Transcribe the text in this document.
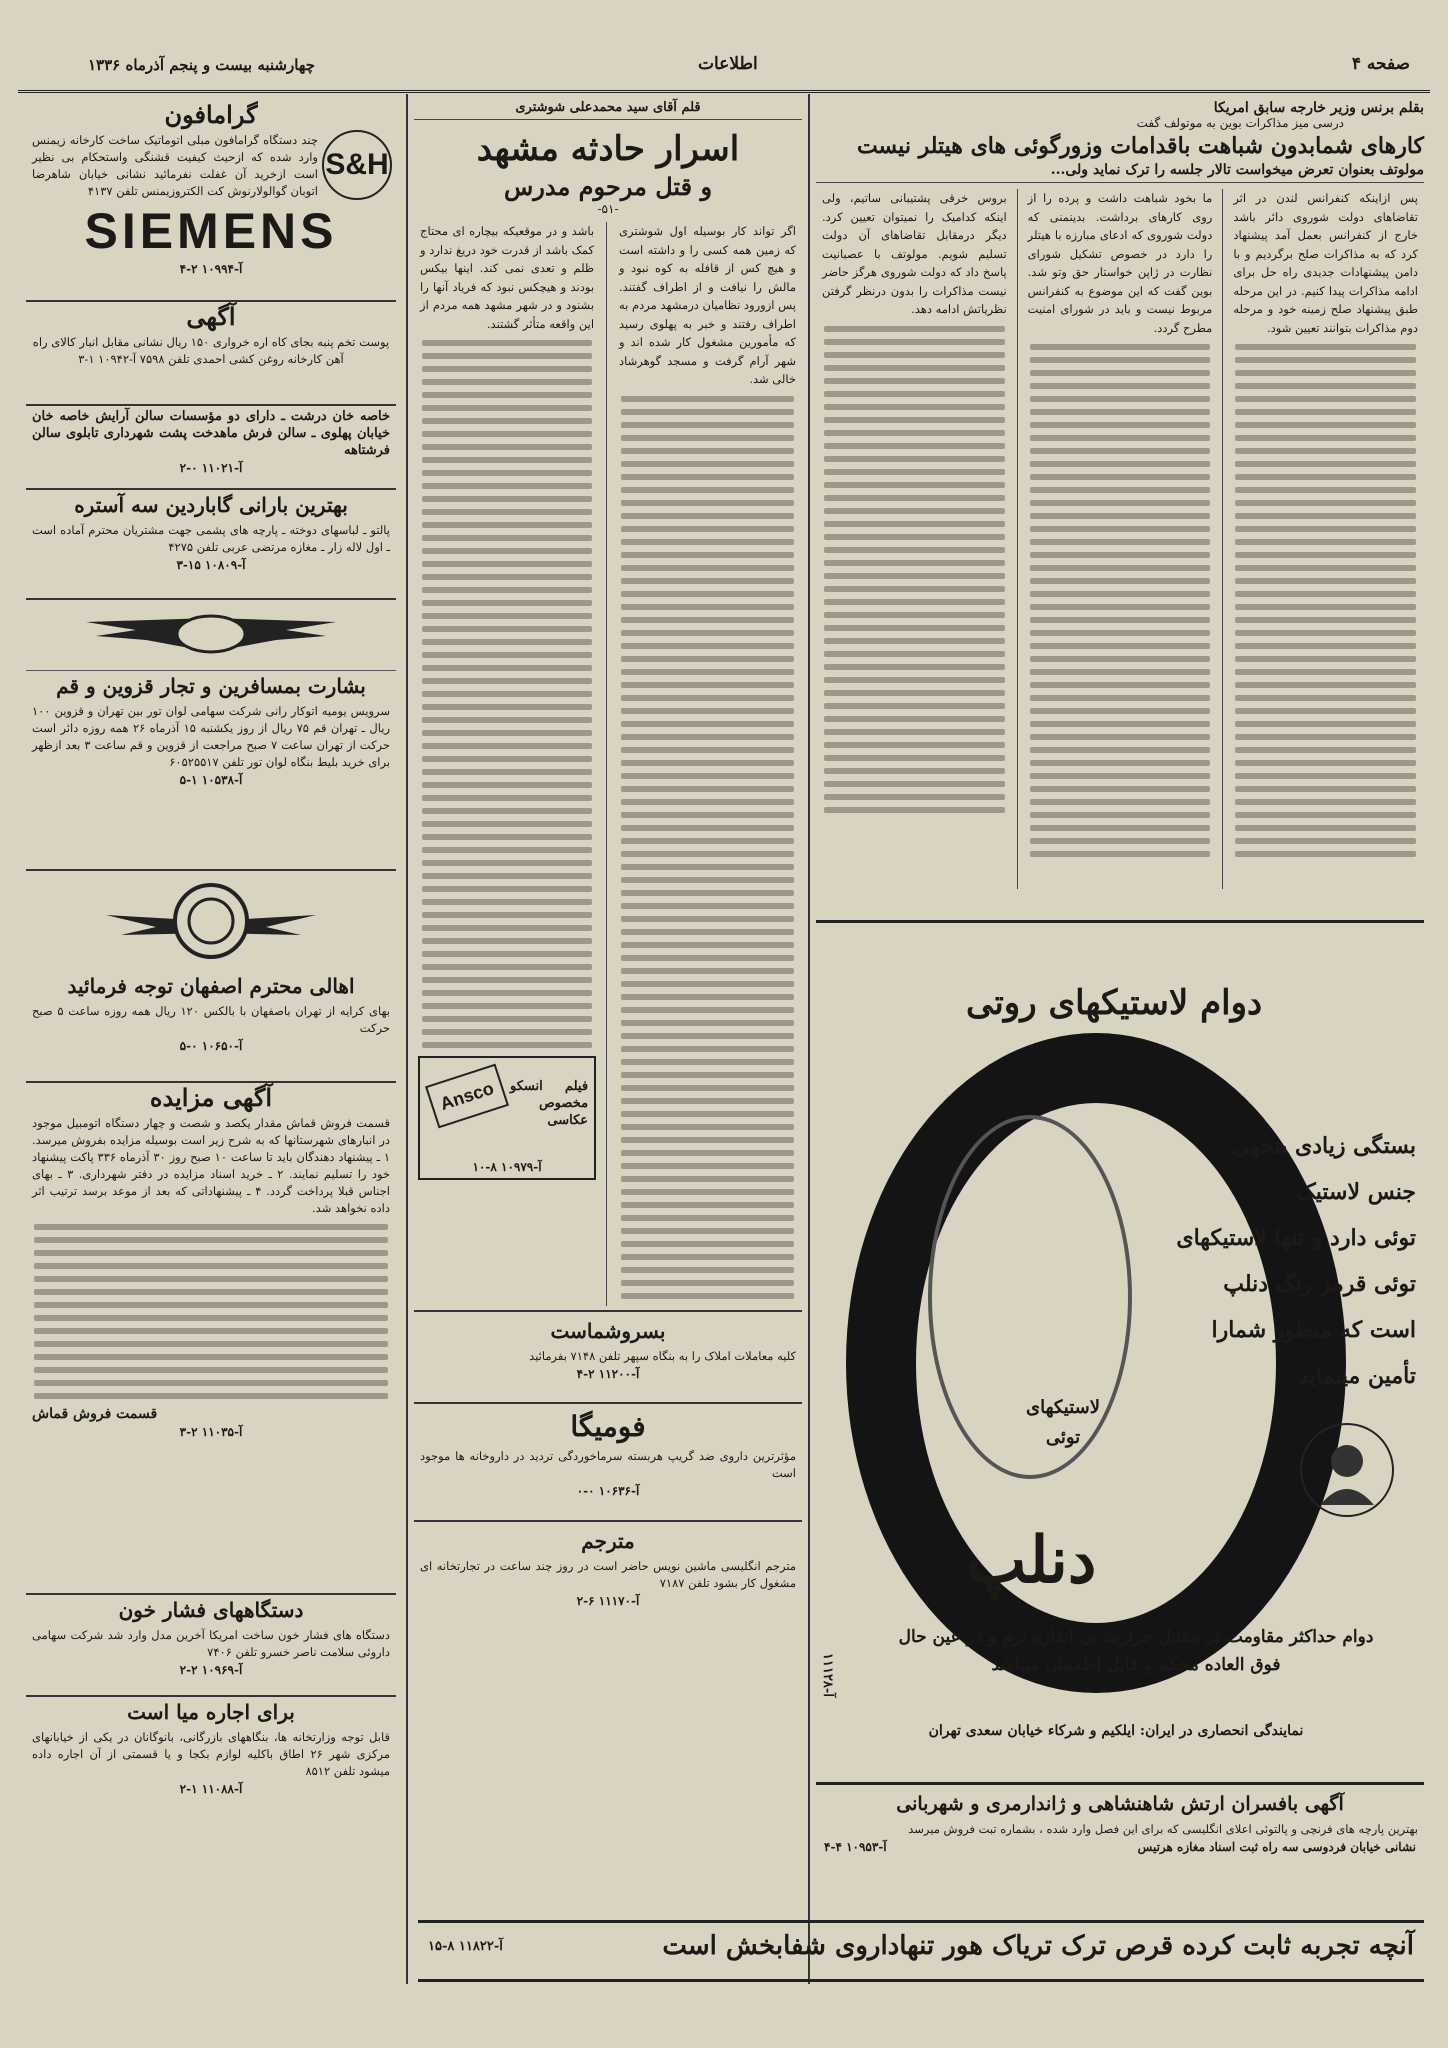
صفحه ۴
اطلاعات
چهارشنبه بیست و پنجم آذرماه ۱۳۳۶

گرامافون

S&H

چند دستگاه گرامافون مبلی اتوماتیک ساخت کارخانه زیمنس وارد شده که ازحیث کیفیت قشنگی واستحکام بی نظیر است ازخرید آن غفلت نفرمائید نشانی خیابان شاهرضا اتوبان گوالولارنوش کت الکتروزیمنس تلفن ۴۱۳۷

SIEMENS
آ-۱۰۹۹۴ ۲-۴

آگهی

پوست تخم پنبه بجای کاه اره خروارى ۱۵۰ ریال نشانی مقابل انبار کالای راه آهن کارخانه روغن کشی احمدی تلفن ۷۵۹۸ آ-۱۰۹۴۲ ۱-۳

خاصه خان درشت ـ دارای دو مؤسسات سالن آرایش خاصه خان خیابان پهلوی ـ سالن فرش ماهدخت پشت شهرداری تابلوی سالن فرشتاهه

آ-۱۱۰۲۱ ۰-۲

بهترین بارانی گاباردین سه آستره

پالتو ـ لباسهای دوخته ـ پارچه های پشمی جهت مشتریان محترم آماده است ـ اول لاله زار ـ مغازه مرتضی عربی تلفن ۴۲۷۵

آ-۱۰۸۰۹ ۱۵-۳

بشارت بمسافرین و تجار قزوین و قم

سرویس یومیه اتوکار رانی شرکت سهامی لوان تور بین تهران و قزوین ۱۰۰ ریال ـ تهران قم ۷۵ ریال از روز یکشنبه ۱۵ آذرماه ۲۶ همه روزه دائر است حرکت از تهران ساعت ۷ صبح مراجعت از قزوین و قم ساعت ۳ بعد ازظهر برای خرید بلیط بنگاه لوان تور تلفن ۶۰۵۲۵۵۱۷

آ-۱۰۵۳۸ ۱-۵

اهالی محترم اصفهان توجه فرمائید

بهای کرایه از تهران باصفهان با بالکس ۱۲۰ ریال همه روزه ساعت ۵ صبح حرکت

آ-۱۰۶۵۰ ۰-۵

آگهی مزایده

قسمت فروش قماش مقدار یکصد و شصت و چهار دستگاه اتومبیل موجود در انبارهای شهرستانها که به شرح زیر است بوسیله مزایده بفروش میرسد. ۱ ـ پیشنهاد دهندگان باید تا ساعت ۱۰ صبح روز ۳۰ آذرماه ۳۳۶ پاکت پیشنهاد خود را تسلیم نمایند. ۲ ـ خرید اسناد مزایده در دفتر شهرداری. ۳ ـ بهای اجناس قبلا پرداخت گردد. ۴ ـ پیشنهاداتی که بعد از موعد برسد ترتیب اثر داده نخواهد شد.

قسمت فروش قماش

آ-۱۱۰۳۵ ۲-۳

دستگاههای فشار خون

دستگاه های فشار خون ساخت امریکا آخرین مدل وارد شد شرکت سهامی داروئی سلامت ناصر خسرو تلفن ۷۴۰۶

آ-۱۰۹۶۹ ۲-۲

برای اجاره میا است

قابل توجه وزارتخانه ها، بنگاههای بازرگانی، بانوگانان در یکی از خیابانهای مرکزی شهر ۲۶ اطاق باکلیه لوازم بکجا و یا قسمتی از آن اجاره داده میشود تلفن ۸۵۱۲

آ-۱۱۰۸۸ ۱-۲
قلم آقای سید محمدعلی شوشتری

اسرار حادثه مشهد

و قتل مرحوم مدرس

-۵۱-

اگر تواند کار بوسیله اول شوشتری که زمین همه کسی را و داشته است و هیچ کس از قافله به کوه نبود و مالش را نیافت و از اطراف گفتند. پس ازورود نظامیان درمشهد مردم به اطراف رفتند و خبر به پهلوی رسید که مأمورین مشغول کار شده اند و شهر آرام گرفت و مسجد گوهرشاد خالی شد.

باشد و در موقعیکه بیچاره ای محتاج کمک باشد از قدرت خود دریغ ندارد و ظلم و تعدی نمی کند. اینها بیکس بودند و هیچکس نبود که فریاد آنها را بشنود و در شهر مشهد همه مردم از این واقعه متأثر گشتند.

Ansco	فیلم انسکو مخصوص عکاسی

آ-۱۰۹۷۹ ۸-۱۰

بسروشماست

کلیه معاملات املاک را به بنگاه سپهر تلفن ۷۱۴۸ بفرمائید

آ-۱۱۲۰۰ ۲-۴

فومیگا

مؤثرترین داروی ضد گریپ هربسته سرماخوردگی تردید در داروخانه ها موجود است

آ-۱۰۶۳۶ ۰-۰

مترجم

مترجم انگلیسی ماشین نویس حاضر است در روز چند ساعت در تجارتخانه ای مشغول کار بشود تلفن ۷۱۸۷

آ-۱۱۱۷۰ ۶-۲
بقلم برنس وزیر خارجه سابق امریکا
درسی میز مذاکرات بوین به موتولف گفت
کارهای شمابدون شباهت باقدامات وزورگوئی های هیتلر نیست
مولوتف بعنوان تعرض میخواست تالار جلسه را ترک نماید ولی...

پس ازاینکه کنفرانس لندن در اثر تقاضاهای دولت شوروی دائر باشد خارج از کنفرانس بعمل آمد پیشنهاد کرد که به مذاکرات صلح برگردیم و با دامن پیشنهادات جدیدی راه حل برای ادامه مذاکرات پیدا کنیم. در این مرحله طبق پیشنهاد صلح زمینه خود و مرحله دوم مذاکرات بتوانند تعیین شود.

ما بخود شباهت داشت و پرده را از روی کارهای برداشت. بدینمنی که دولت شوروی که ادعای مبارزه با هیتلر را دارد در خصوص تشکیل شورای نظارت در ژاپن خواستار حق وتو شد. بوین گفت که این موضوع به کنفرانس مربوط نیست و باید در شورای امنیت مطرح گردد.

بروس خرقی پشتیبانی ساتیم، ولی اینکه کدامیک را نمیتوان تعیین کرد. دیگر درمقابل تقاضاهای آن دولت تسلیم شویم. مولوتف با عصبانیت پاسخ داد که دولت شوروی هرگز حاضر نیست مذاکرات را بدون درنظر گرفتن نظریاتش ادامه دهد.

دوام لاستیکهای روتی
بستگی زیادی بتجهی جنس لاستیک
توئی دارد و تنها لاستیکهای
توئی قرمز رنگ دنلپ
است که منظور شمارا تأمین مینماید
لاستیکهای
توئی
دنلپ
دوام حداکثر مقاومت در مقابل حرارت بی اندازه نرم و در عین حال
فوق العاده محکم و قابل اطمینان میباشد
آ-۱۱۱۲۸
نمایندگی انحصاری در ایران: ایلکیم و شرکاء خیابان سعدی تهران

آگهی بافسران ارتش شاهنشاهی و ژاندارمری و شهربانی

بهترین پارچه های فرنچی و پالتوئی اعلای انگلیسی که برای این فصل وارد شده ، بشماره تبت فروش میرسد

نشانی خیابان فردوسی سه راه ثبت اسناد مغازه هرتیس
آ-۱۰۹۵۳ ۴-۴
آنچه تجربه ثابت کرده قرص ترک تریاک هور تنهاداروی شفابخش است
آ-۱۱۸۲۲ ۸-۱۵
